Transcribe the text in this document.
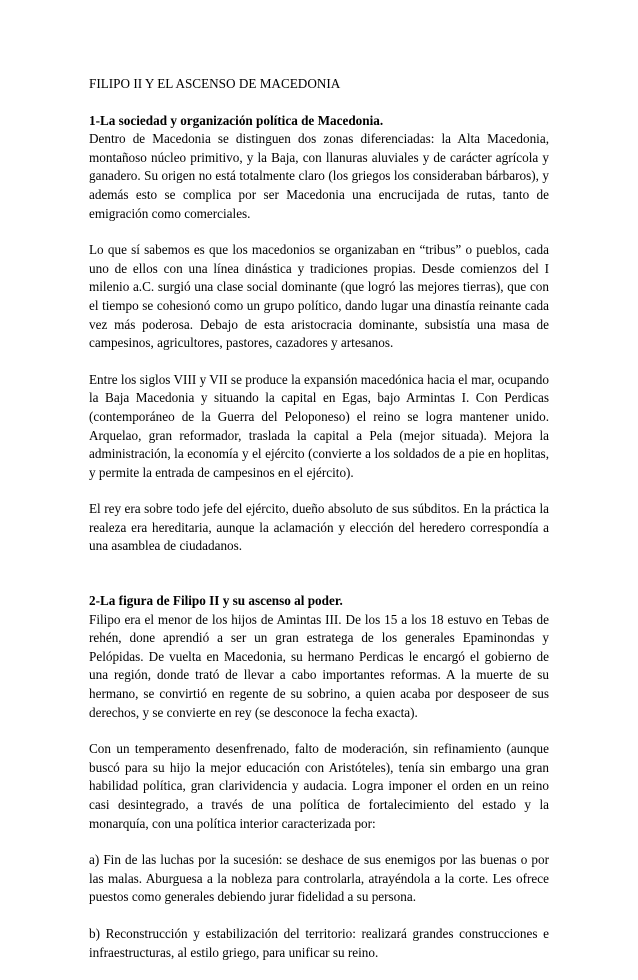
FILIPO II Y EL ASCENSO DE MACEDONIA

1-La sociedad y organización política de Macedonia.

Dentro de Macedonia se distinguen dos zonas diferenciadas: la Alta Macedonia, montañoso núcleo primitivo, y la Baja, con llanuras aluviales y de carácter agrícola y ganadero. Su origen no está totalmente claro (los griegos los consideraban bárbaros), y además esto se complica por ser Macedonia una encrucijada de rutas, tanto de emigración como comerciales.

Lo que sí sabemos es que los macedonios se organizaban en “tribus” o pueblos, cada uno de ellos con una línea dinástica y tradiciones propias. Desde comienzos del I milenio a.C. surgió una clase social dominante (que logró las mejores tierras), que con el tiempo se cohesionó como un grupo político, dando lugar una dinastía reinante cada vez más poderosa. Debajo de esta aristocracia dominante, subsistía una masa de campesinos, agricultores, pastores, cazadores y artesanos.

Entre los siglos VIII y VII se produce la expansión macedónica hacia el mar, ocupando la Baja Macedonia y situando la capital en Egas, bajo Armintas I. Con Perdicas (contemporáneo de la Guerra del Peloponeso) el reino se logra mantener unido. Arquelao, gran reformador, traslada la capital a Pela (mejor situada). Mejora la administración, la economía y el ejército (convierte a los soldados de a pie en hoplitas, y permite la entrada de campesinos en el ejército).

El rey era sobre todo jefe del ejército, dueño absoluto de sus súbditos. En la práctica la realeza era hereditaria, aunque la aclamación y elección del heredero correspondía a una asamblea de ciudadanos.

2-La figura de Filipo II y su ascenso al poder.

Filipo era el menor de los hijos de Amintas III. De los 15 a los 18 estuvo en Tebas de rehén, done aprendió a ser un gran estratega de los generales Epaminondas y Pelópidas. De vuelta en Macedonia, su hermano Perdicas le encargó el gobierno de una región, donde trató de llevar a cabo importantes reformas. A la muerte de su hermano, se convirtió en regente de su sobrino, a quien acaba por desposeer de sus derechos, y se convierte en rey (se desconoce la fecha exacta).

Con un temperamento desenfrenado, falto de moderación, sin refinamiento (aunque buscó para su hijo la mejor educación con Aristóteles), tenía sin embargo una gran habilidad política, gran clarividencia y audacia. Logra imponer el orden en un reino casi desintegrado, a través de una política de fortalecimiento del estado y la monarquía, con una política interior caracterizada por:

a) Fin de las luchas por la sucesión: se deshace de sus enemigos por las buenas o por las malas. Aburguesa a la nobleza para controlarla, atrayéndola a la corte. Les ofrece puestos como generales debiendo jurar fidelidad a su persona.

b) Reconstrucción y estabilización del territorio: realizará grandes construcciones e infraestructuras, al estilo griego, para unificar su reino.
